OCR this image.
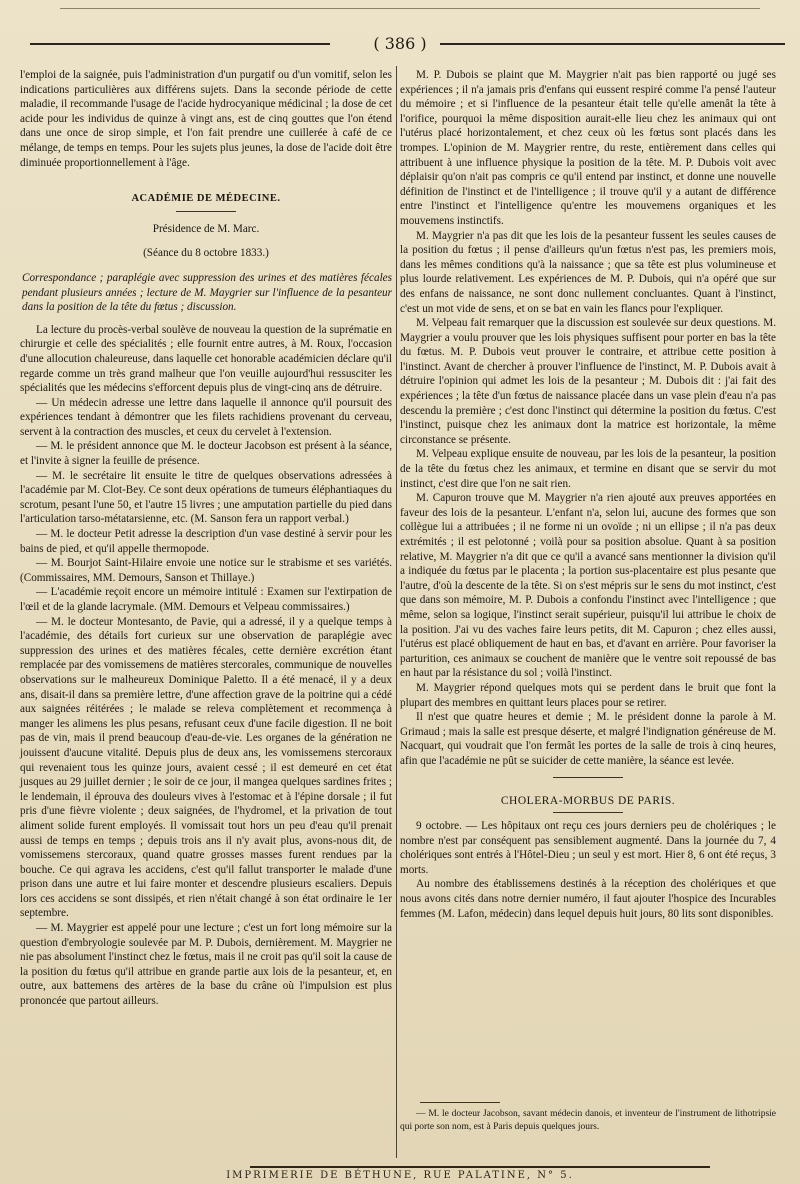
( 386 )

l'emploi de la saignée, puis l'administration d'un purgatif ou d'un vomitif, selon les indications particulières aux différens sujets. Dans la seconde période de cette maladie, il recommande l'usage de l'acide hydrocyanique médicinal ; la dose de cet acide pour les individus de quinze à vingt ans, est de cinq gouttes que l'on étend dans une once de sirop simple, et l'on fait prendre une cuillerée à café de ce mélange, de temps en temps. Pour les sujets plus jeunes, la dose de l'acide doit être diminuée proportionnellement à l'âge.

ACADÉMIE DE MÉDECINE.

Présidence de M. Marc.

(Séance du 8 octobre 1833.)

Correspondance ; paraplégie avec suppression des urines et des matières fécales pendant plusieurs années ; lecture de M. Maygrier sur l'influence de la pesanteur dans la position de la tête du fœtus ; discussion.

La lecture du procès-verbal soulève de nouveau la question de la suprématie en chirurgie et celle des spécialités ; elle fournit entre autres, à M. Roux, l'occasion d'une allocution chaleureuse, dans laquelle cet honorable académicien déclare qu'il regarde comme un très grand malheur que l'on veuille aujourd'hui ressusciter les spécialités que les médecins s'efforcent depuis plus de vingt-cinq ans de détruire.

— Un médecin adresse une lettre dans laquelle il annonce qu'il poursuit des expériences tendant à démontrer que les filets rachidiens provenant du cerveau, servent à la contraction des muscles, et ceux du cervelet à l'extension.

— M. le président annonce que M. le docteur Jacobson est présent à la séance, et l'invite à signer la feuille de présence.

— M. le secrétaire lit ensuite le titre de quelques observations adressées à l'académie par M. Clot-Bey. Ce sont deux opérations de tumeurs éléphantiaques du scrotum, pesant l'une 50, et l'autre 15 livres ; une amputation partielle du pied dans l'articulation tarso-métatarsienne, etc. (M. Sanson fera un rapport verbal.)

— M. le docteur Petit adresse la description d'un vase destiné à servir pour les bains de pied, et qu'il appelle thermopode.

— M. Bourjot Saint-Hilaire envoie une notice sur le strabisme et ses variétés. (Commissaires, MM. Demours, Sanson et Thillaye.)

— L'académie reçoit encore un mémoire intitulé : Examen sur l'extirpation de l'œil et de la glande lacrymale. (MM. Demours et Velpeau commissaires.)

— M. le docteur Montesanto, de Pavie, qui a adressé, il y a quelque temps à l'académie, des détails fort curieux sur une observation de paraplégie avec suppression des urines et des matières fécales, cette dernière excrétion étant remplacée par des vomissemens de matières stercorales, communique de nouvelles observations sur le malheureux Dominique Paletto. Il a été menacé, il y a deux ans, disait-il dans sa première lettre, d'une affection grave de la poitrine qui a cédé aux saignées réitérées ; le malade se releva complètement et recommença à manger les alimens les plus pesans, refusant ceux d'une facile digestion. Il ne boit pas de vin, mais il prend beaucoup d'eau-de-vie. Les organes de la génération ne jouissent d'aucune vitalité. Depuis plus de deux ans, les vomissemens stercoraux qui revenaient tous les quinze jours, avaient cessé ; il est demeuré en cet état jusques au 29 juillet dernier ; le soir de ce jour, il mangea quelques sardines frites ; le lendemain, il éprouva des douleurs vives à l'estomac et à l'épine dorsale ; il fut pris d'une fièvre violente ; deux saignées, de l'hydromel, et la privation de tout aliment solide furent employés. Il vomissait tout hors un peu d'eau qu'il prenait aussi de temps en temps ; depuis trois ans il n'y avait plus, avons-nous dit, de vomissemens stercoraux, quand quatre grosses masses furent rendues par la bouche. Ce qui agrava les accidens, c'est qu'il fallut transporter le malade d'une prison dans une autre et lui faire monter et descendre plusieurs escaliers. Depuis lors ces accidens se sont dissipés, et rien n'était changé à son état ordinaire le 1er septembre.

— M. Maygrier est appelé pour une lecture ; c'est un fort long mémoire sur la question d'embryologie soulevée par M. P. Dubois, dernièrement. M. Maygrier ne nie pas absolument l'instinct chez le fœtus, mais il ne croit pas qu'il soit la cause de la position du fœtus qu'il attribue en grande partie aux lois de la pesanteur, et, en outre, aux battemens des artères de la base du crâne où l'impulsion est plus prononcée que partout ailleurs.

M. P. Dubois se plaint que M. Maygrier n'ait pas bien rapporté ou jugé ses expériences ; il n'a jamais pris d'enfans qui eussent respiré comme l'a pensé l'auteur du mémoire ; et si l'influence de la pesanteur était telle qu'elle amenât la tête à l'orifice, pourquoi la même disposition aurait-elle lieu chez les animaux qui ont l'utérus placé horizontalement, et chez ceux où les fœtus sont placés dans les trompes. L'opinion de M. Maygrier rentre, du reste, entièrement dans celles qui attribuent à une influence physique la position de la tête. M. P. Dubois voit avec déplaisir qu'on n'ait pas compris ce qu'il entend par instinct, et donne une nouvelle définition de l'instinct et de l'intelligence ; il trouve qu'il y a autant de différence entre l'instinct et l'intelligence qu'entre les mouvemens organiques et les mouvemens instinctifs.

M. Maygrier n'a pas dit que les lois de la pesanteur fussent les seules causes de la position du fœtus ; il pense d'ailleurs qu'un fœtus n'est pas, les premiers mois, dans les mêmes conditions qu'à la naissance ; que sa tête est plus volumineuse et plus lourde relativement. Les expériences de M. P. Dubois, qui n'a opéré que sur des enfans de naissance, ne sont donc nullement concluantes. Quant à l'instinct, c'est un mot vide de sens, et on se bat en vain les flancs pour l'expliquer.

M. Velpeau fait remarquer que la discussion est soulevée sur deux questions. M. Maygrier a voulu prouver que les lois physiques suffisent pour porter en bas la tête du fœtus. M. P. Dubois veut prouver le contraire, et attribue cette position à l'instinct. Avant de chercher à prouver l'influence de l'instinct, M. P. Dubois avait à détruire l'opinion qui admet les lois de la pesanteur ; M. Dubois dit : j'ai fait des expériences ; la tête d'un fœtus de naissance placée dans un vase plein d'eau n'a pas descendu la première ; c'est donc l'instinct qui détermine la position du fœtus. C'est l'instinct, puisque chez les animaux dont la matrice est horizontale, la même circonstance se présente.

M. Velpeau explique ensuite de nouveau, par les lois de la pesanteur, la position de la tête du fœtus chez les animaux, et termine en disant que se servir du mot instinct, c'est dire que l'on ne sait rien.

M. Capuron trouve que M. Maygrier n'a rien ajouté aux preuves apportées en faveur des lois de la pesanteur. L'enfant n'a, selon lui, aucune des formes que son collègue lui a attribuées ; il ne forme ni un ovoïde ; ni un ellipse ; il n'a pas deux extrémités ; il est pelotonné ; voilà pour sa position absolue. Quant à sa position relative, M. Maygrier n'a dit que ce qu'il a avancé sans mentionner la division qu'il a indiquée du fœtus par le placenta ; la portion sus-placentaire est plus pesante que l'autre, d'où la descente de la tête. Si on s'est mépris sur le sens du mot instinct, c'est que dans son mémoire, M. P. Dubois a confondu l'instinct avec l'intelligence ; que même, selon sa logique, l'instinct serait supérieur, puisqu'il lui attribue le choix de la position. J'ai vu des vaches faire leurs petits, dit M. Capuron ; chez elles aussi, l'utérus est placé obliquement de haut en bas, et d'avant en arrière. Pour favoriser la parturition, ces animaux se couchent de manière que le ventre soit repoussé de bas en haut par la résistance du sol ; voilà l'instinct.

M. Maygrier répond quelques mots qui se perdent dans le bruit que font la plupart des membres en quittant leurs places pour se retirer.

Il n'est que quatre heures et demie ; M. le président donne la parole à M. Grimaud ; mais la salle est presque déserte, et malgré l'indignation généreuse de M. Nacquart, qui voudrait que l'on fermât les portes de la salle de trois à cinq heures, afin que l'académie ne pût se suicider de cette manière, la séance est levée.

CHOLERA-MORBUS DE PARIS.

9 octobre. — Les hôpitaux ont reçu ces jours derniers peu de cholériques ; le nombre n'est par conséquent pas sensiblement augmenté. Dans la journée du 7, 4 cholériques sont entrés à l'Hôtel-Dieu ; un seul y est mort. Hier 8, 6 ont été reçus, 3 morts.

Au nombre des établissemens destinés à la réception des cholériques et que nous avons cités dans notre dernier numéro, il faut ajouter l'hospice des Incurables femmes (M. Lafon, médecin) dans lequel depuis huit jours, 80 lits sont disponibles.

— M. le docteur Jacobson, savant médecin danois, et inventeur de l'instrument de lithotripsie qui porte son nom, est à Paris depuis quelques jours.

IMPRIMERIE DE BÉTHUNE, RUE PALATINE, N° 5.
